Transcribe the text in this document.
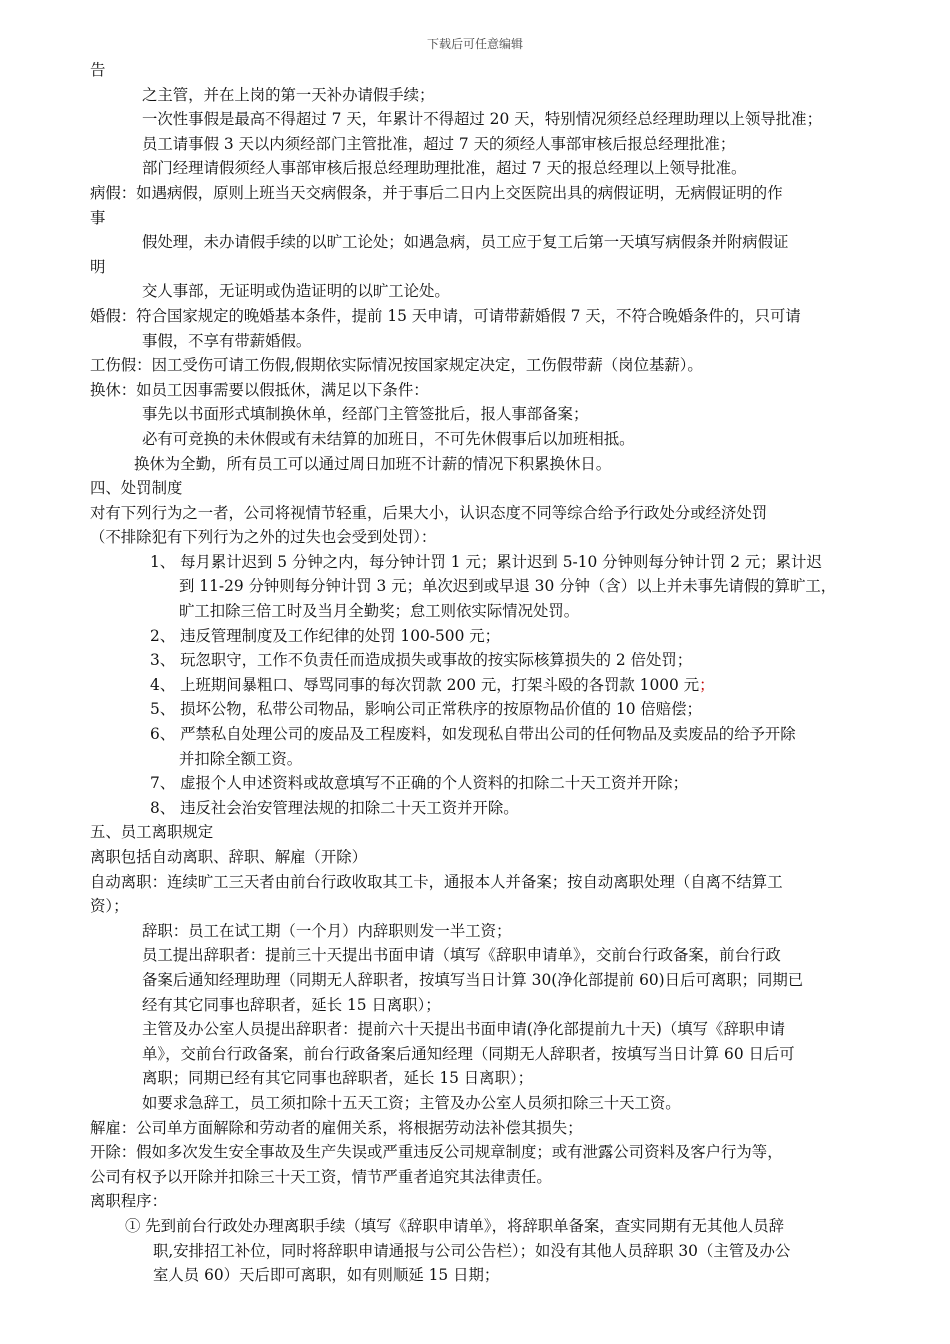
下载后可任意编辑
告
之主管，并在上岗的第一天补办请假手续；
一次性事假是最高不得超过 7 天，年累计不得超过 20 天，特别情况须经总经理助理以上领导批准；
员工请事假 3 天以内须经部门主管批准，超过 7 天的须经人事部审核后报总经理批准；
部门经理请假须经人事部审核后报总经理助理批准，超过 7 天的报总经理以上领导批准。
病假：如遇病假，原则上班当天交病假条，并于事后二日内上交医院出具的病假证明，无病假证明的作
事
假处理，未办请假手续的以旷工论处；如遇急病，员工应于复工后第一天填写病假条并附病假证
明
交人事部，无证明或伪造证明的以旷工论处。
婚假：符合国家规定的晚婚基本条件，提前 15 天申请，可请带薪婚假 7 天，不符合晚婚条件的，只可请
事假，不享有带薪婚假。
工伤假：因工受伤可请工伤假,假期依实际情况按国家规定决定，工伤假带薪（岗位基薪）。
换休：如员工因事需要以假抵休，满足以下条件：
事先以书面形式填制换休单，经部门主管签批后，报人事部备案；
必有可竞换的未休假或有未结算的加班日，不可先休假事后以加班相抵。
换休为全勤，所有员工可以通过周日加班不计薪的情况下积累换休日。
四、处罚制度
对有下列行为之一者，公司将视情节轻重，后果大小，认识态度不同等综合给予行政处分或经济处罚
（不排除犯有下列行为之外的过失也会受到处罚）：
1、 每月累计迟到 5 分钟之内，每分钟计罚 1 元；累计迟到 5-10 分钟则每分钟计罚 2 元；累计迟
到 11-29 分钟则每分钟计罚 3 元；单次迟到或早退 30 分钟（含）以上并未事先请假的算旷工，
旷工扣除三倍工时及当月全勤奖；怠工则依实际情况处罚。
2、 违反管理制度及工作纪律的处罚 100-500 元；
3、 玩忽职守，工作不负责任而造成损失或事故的按实际核算损失的 2 倍处罚；
4、 上班期间暴粗口、辱骂同事的每次罚款 200 元，打架斗殴的各罚款 1000 元；
5、 损坏公物，私带公司物品，影响公司正常秩序的按原物品价值的 10 倍赔偿；
6、 严禁私自处理公司的废品及工程废料，如发现私自带出公司的任何物品及卖废品的给予开除
并扣除全额工资。
7、 虚报个人申述资料或故意填写不正确的个人资料的扣除二十天工资并开除；
8、 违反社会治安管理法规的扣除二十天工资并开除。
五、员工离职规定
离职包括自动离职、辞职、解雇（开除）
自动离职：连续旷工三天者由前台行政收取其工卡，通报本人并备案；按自动离职处理（自离不结算工
资）；
辞职：员工在试工期（一个月）内辞职则发一半工资；
员工提出辞职者：提前三十天提出书面申请（填写《辞职申请单》，交前台行政备案，前台行政
备案后通知经理助理（同期无人辞职者，按填写当日计算 30(净化部提前 60)日后可离职；同期已
经有其它同事也辞职者，延长 15 日离职）；
主管及办公室人员提出辞职者：提前六十天提出书面申请(净化部提前九十天)（填写《辞职申请
单》，交前台行政备案，前台行政备案后通知经理（同期无人辞职者，按填写当日计算 60 日后可
离职；同期已经有其它同事也辞职者，延长 15 日离职）；
如要求急辞工，员工须扣除十五天工资；主管及办公室人员须扣除三十天工资。
解雇：公司单方面解除和劳动者的雇佣关系，将根据劳动法补偿其损失；
开除：假如多次发生安全事故及生产失误或严重违反公司规章制度；或有泄露公司资料及客户行为等，
公司有权予以开除并扣除三十天工资，情节严重者追究其法律责任。
离职程序：
① 先到前台行政处办理离职手续（填写《辞职申请单》，将辞职单备案，查实同期有无其他人员辞
职,安排招工补位，同时将辞职申请通报与公司公告栏）；如没有其他人员辞职 30（主管及办公
室人员 60）天后即可离职，如有则顺延 15 日期；
